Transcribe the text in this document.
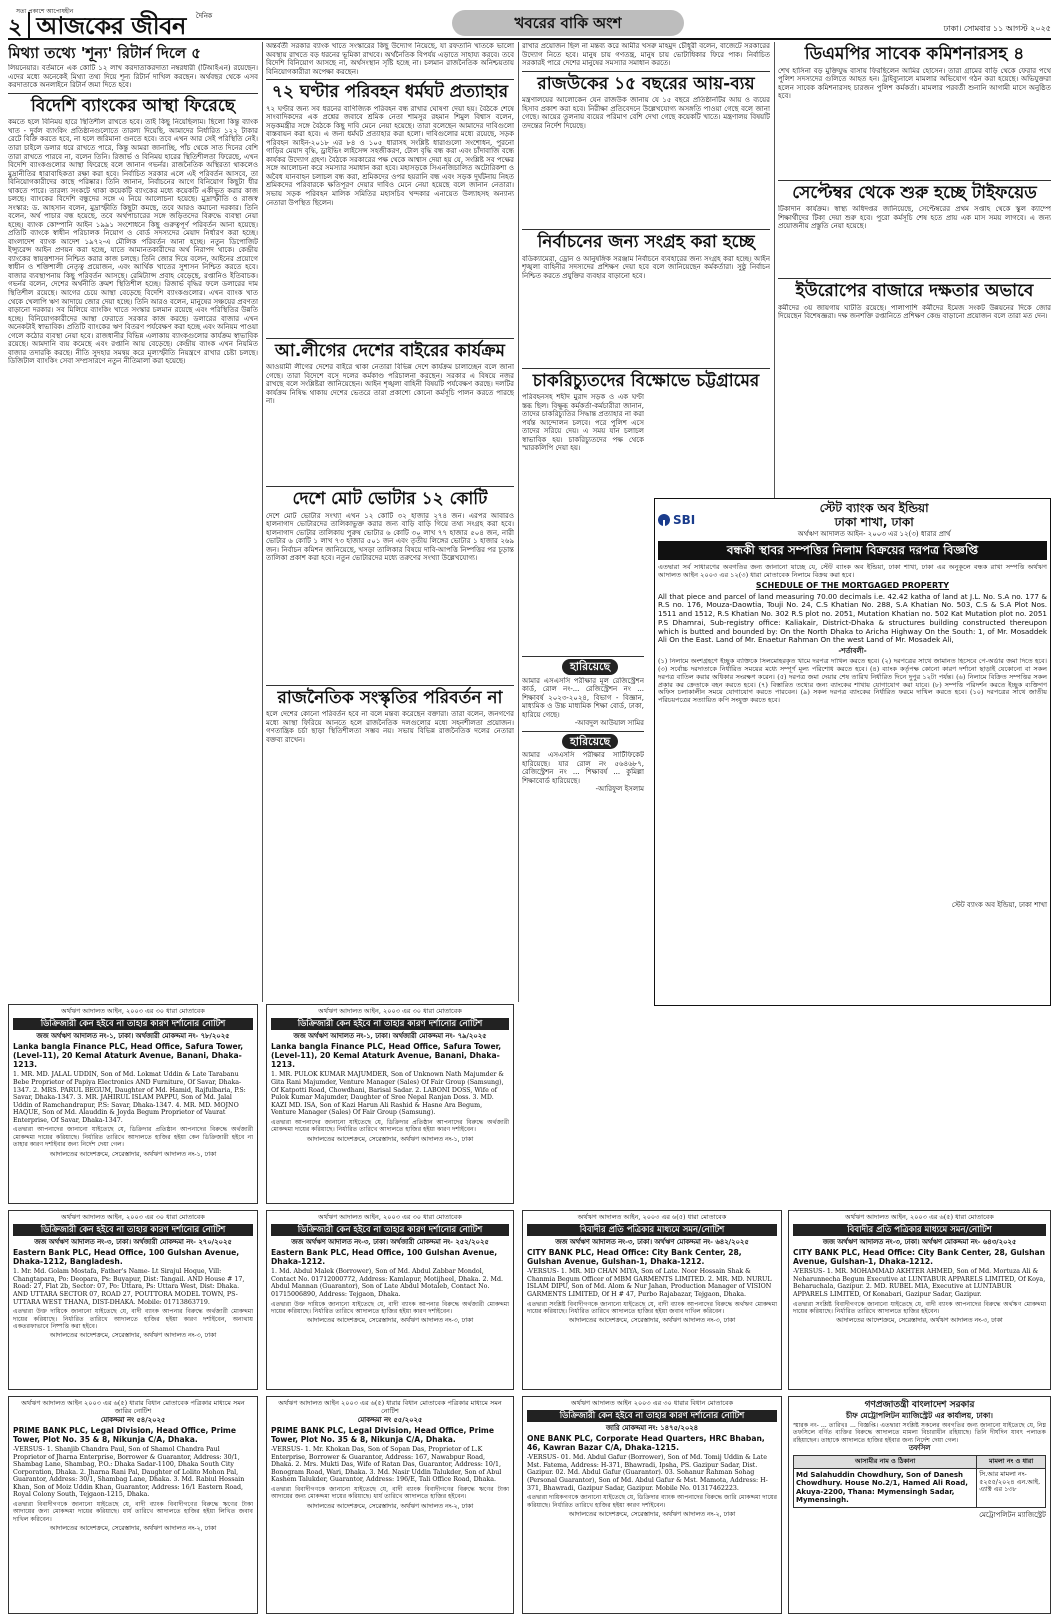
২ আজকের জীবন দৈনিক
সত্য প্রকাশে আপোষহীন
খবরের বাকি অংশ	ঢাকা। সোমবার ১১ আগস্ট ২০২৫
মিথ্যা তথ্যে 'শূন্য' রিটার্ন দিলে ৫
লিয়নেয়ার। বর্তমানে এক কোটি ১২ লাখ করদাতাকরদাতা নম্বরধারী (টিআইএন) রয়েছেন। এদের মধ্যে অনেকেই মিথ্যা তথ্য দিয়ে শূন্য রিটার্ন দাখিল করছেন। অর্থবছর থেকে এসব করদাতাকে অনলাইনে রিটার্ন জমা দিতে হবে।
বিদেশি ব্যাংকের আস্থা ফিরেছে
কমতে হলে বিনিময় হারে স্থিতিশীল রাখতে হবে। তাই কিছু নিয়েছিলাম। ছিলো কিন্তু ব্যাংক খাত - দুর্বল ব্যাংকিং প্রতিষ্ঠানগুলোতে তারল্য দিয়েছি, আমাদের নির্ধারিত ১২২ টাকার রেটে বিক্রি করতে হবে, না হলে জরিমানা গুনতে হবে। তবে এখন আর সেই পরিস্থিতি নেই। তারা চাইলে ডলার ধরে রাখতে পারে, কিন্তু আমরা জানাচ্ছি, পাঁচ থেকে সাত দিনের বেশি তারা রাখতে পারবে না, বলেন তিনি। রিজার্ভ ও বিনিময় হারের স্থিতিশীলতা ফিরেছে, এখন বিদেশি ব্যাংকগুলোর আস্থা ফিরেছে বলে জানান গভর্নর। রাজনৈতিক অস্থিরতা থাকলেও মুদ্রানীতির ধারাবাহিকতা রক্ষা করা হবে। নির্বাচিত সরকার এলে এই পরিবর্তন আসবে, তা বিনিয়োগকারীদের কাছে পরিষ্কার। তিনি জানান, নির্বাচনের আগে বিনিয়োগ কিছুটা ধীর থাকতে পারে। তারল্য সংকটে থাকা কয়েকটি ব্যাংকের মধ্যে কয়েকটি একীভূত করার কাজ চলছে। ব্যাংকের বিদেশি বন্ধুদের সঙ্গে এ নিয়ে আলোচনা হয়েছে। মুদ্রাস্ফীতি ও রাজস্ব সংস্কার: ড. আহসান বলেন, মুদ্রাস্ফীতি কিছুটা কমছে, তবে আরও কমানো দরকার। তিনি বলেন, অর্থ পাচার বন্ধ হয়েছে, তবে অর্থপাচারের সঙ্গে জড়িতদের বিরুদ্ধে ব্যবস্থা নেয়া হচ্ছে। ব্যাংক কোম্পানি আইন ১৯৯১ সংশোধনে কিছু গুরুত্বপূর্ণ পরিবর্তন আনা হয়েছে। প্রতিটি ব্যাংকে স্বাধীন পরিচালক নিয়োগ ও বোর্ড সদস্যদের মেয়াদ নির্ধারণ করা হচ্ছে। বাংলাদেশ ব্যাংক আদেশ ১৯৭২-এ মৌলিক পরিবর্তন আনা হচ্ছে। নতুন ডিপোজিট ইন্স্যুরেন্স আইন প্রণয়ন করা হচ্ছে, যাতে আমানতকারীদের অর্থ নিরাপদ থাকে। কেন্দ্রীয় ব্যাংকের স্বায়ত্তশাসন নিশ্চিত করার কাজ চলছে। তিনি জোর দিয়ে বলেন, আইনের প্রয়োগে স্বাধীন ও শক্তিশালী নেতৃত্ব প্রয়োজন, এবং আর্থিক খাতের সুশাসন নিশ্চিত করতে হবে। বাজার ব্যবস্থাপনায় কিছু পরিবর্তন আসছে। রেমিট্যান্স প্রবাহ বেড়েছে, রপ্তানিও ইতিবাচক। গভর্নর বলেন, দেশের অর্থনীতি ক্রমশ স্থিতিশীল হচ্ছে। রিজার্ভ বৃদ্ধির ফলে ডলারের দাম স্থিতিশীল রয়েছে। আগের চেয়ে আস্থা বেড়েছে বিদেশি ব্যাংকগুলোর। এখন ব্যাংক খাত থেকে খেলাপি ঋণ আদায়ে জোর দেয়া হচ্ছে। তিনি আরও বলেন, মানুষের সঞ্চয়ের প্রবণতা বাড়ানো দরকার। সব মিলিয়ে ব্যাংকিং খাতে সংস্কার চলমান রয়েছে এবং পরিস্থিতির উন্নতি হচ্ছে। বিনিয়োগকারীদের আস্থা ফেরাতে সরকার কাজ করছে। ডলারের বাজার এখন অনেকটাই স্বাভাবিক। প্রতিটি ব্যাংকের ঋণ বিতরণ পর্যবেক্ষণ করা হচ্ছে এবং অনিয়ম পাওয়া গেলে কঠোর ব্যবস্থা নেয়া হবে। রাজধানীর বিভিন্ন এলাকায় ব্যাংকগুলোর কার্যক্রম স্বাভাবিক রয়েছে। আমদানি ব্যয় কমেছে এবং রপ্তানি আয় বেড়েছে। কেন্দ্রীয় ব্যাংক এখন নিয়মিত বাজার তদারকি করছে। নীতি সুদহার সমন্বয় করে মূল্যস্ফীতি নিয়ন্ত্রণে রাখার চেষ্টা চলছে। ডিজিটাল ব্যাংকিং সেবা সম্প্রসারণে নতুন নীতিমালা করা হয়েছে।
অন্তর্বর্তী সরকার ব্যাংক খাতে সংস্কারের কিছু উদ্যোগ নিয়েছে, যা রফতানি খাতকে ভালো অবস্থায় রাখতে বড় ধরনের ভূমিকা রাখবে। অর্থনৈতিক বিপর্যয় এড়াতে সাহায্য করবে। তবে বিদেশি বিনিয়োগ আসছে না, অর্থসংস্থান সৃষ্টি হচ্ছে না। চলমান রাজনৈতিক অনিশ্চয়তায় বিনিয়োগকারীরা অপেক্ষা করছেন।
৭২ ঘণ্টার পরিবহন ধর্মঘট প্রত্যাহার
৭২ ঘণ্টার জন্য সব ধরনের বাণিজ্যিক পরিবহন বন্ধ রাখার ঘোষণা দেয়া হয়। বৈঠকে শেষে সাংবাদিকদের এক প্রশ্নের জবাবে শ্রমিক নেতা শামসুর রহমান শিমুল বিশ্বাস বলেন, সড়কমন্ত্রীর সঙ্গে বৈঠকে কিছু দাবি মেনে নেয়া হয়েছে। তারা বলেছেন আমাদের দাবিগুলো বাস্তবায়ন করা হবে। এ জন্য ধর্মঘট প্রত্যাহার করা হলো। দাবিগুলোর মধ্যে রয়েছে, সড়ক পরিবহন আইন-২০১৮ এর ৮৪ ও ১০৫ ধারাসহ সংশ্লিষ্ট ধারাগুলো সংশোধন, পুরনো গাড়ির মেয়াদ বৃদ্ধি, ড্রাইভিং লাইসেন্স সহজীকরণ, টোল বৃদ্ধি বন্ধ করা এবং চাঁদাবাজি বন্ধে কার্যকর উদ্যোগ গ্রহণ। বৈঠকে সরকারের পক্ষ থেকে আশ্বাস দেয়া হয় যে, সংশ্লিষ্ট সব পক্ষের সঙ্গে আলোচনা করে সমস্যার সমাধান করা হবে। মহাসড়কে সিএনজিচালিত অটোরিকশা ও অবৈধ যানবাহন চলাচল বন্ধ করা, শ্রমিকদের ওপর হয়রানি বন্ধ এবং সড়ক দুর্ঘটনায় নিহত শ্রমিকদের পরিবারকে ক্ষতিপূরণ দেয়ার দাবিও মেনে নেয়া হয়েছে বলে জানান নেতারা। সভায় সড়ক পরিবহন মালিক সমিতির মহাসচিব খন্দকার এনায়েত উল্যাহসহ অন্যান্য নেতারা উপস্থিত ছিলেন।
আ.লীগের দেশের বাইরের কার্যক্রম
আওয়ামী লীগের দেশের বাইরে থাকা নেতারা বিভিন্ন দেশে কার্যক্রম চালাচ্ছেন বলে জানা গেছে। তারা বিদেশে বসে দলের কর্মকাণ্ড পরিচালনা করছেন। সরকার এ বিষয়ে নজর রাখছে বলে সংশ্লিষ্টরা জানিয়েছেন। আইন শৃঙ্খলা বাহিনী বিষয়টি পর্যবেক্ষণ করছে। দলটির কার্যক্রম নিষিদ্ধ থাকায় দেশের ভেতরে তারা প্রকাশ্যে কোনো কর্মসূচি পালন করতে পারছে না।
দেশে মোট ভোটার ১২ কোটি
দেশে মোট ভোটার সংখ্যা এখন ১২ কোটি ৩২ হাজার ২৭৪ জন। এরপর আবারও হালনাগাদ ভোটারদের তালিকাভুক্ত করার জন্য বাড়ি বাড়ি গিয়ে তথ্য সংগ্রহ করা হবে। হালনাগাদ ভোটার তালিকায় পুরুষ ভোটার ৬ কোটি ৩০ লাখ ৭৭ হাজার ৫০৪ জন, নারী ভোটার ৬ কোটি ১ লাখ ৭৩ হাজার ৫০১ জন এবং তৃতীয় লিঙ্গের ভোটার ১ হাজার ২৬৯ জন। নির্বাচন কমিশন জানিয়েছে, খসড়া তালিকার বিষয়ে দাবি-আপত্তি নিষ্পত্তির পর চূড়ান্ত তালিকা প্রকাশ করা হবে। নতুন ভোটারদের মধ্যে তরুণের সংখ্যা উল্লেখযোগ্য।
রাজনৈতিক সংস্কৃতির পরিবর্তন না
হলে দেশের কোনো পরিবর্তন হবে না বলে মন্তব্য করেছেন বক্তারা। তারা বলেন, জনগণের মধ্যে আস্থা ফিরিয়ে আনতে হলে রাজনৈতিক দলগুলোর মধ্যে সহনশীলতা প্রয়োজন। গণতান্ত্রিক চর্চা ছাড়া স্থিতিশীলতা সম্ভব নয়। সভায় বিভিন্ন রাজনৈতিক দলের নেতারা বক্তব্য রাখেন।
রাখার প্রয়োজন ছিল না মন্তব্য করে আমীর খসরু মাহমুদ চৌধুরী বলেন, বাজেটে সরকারের উদ্যোগ নিতে হবে। মানুষ চায় গণতন্ত্র, মানুষ চায় ভোটাধিকার ফিরে পাক। নির্বাচিত সরকারই পারে দেশের মানুষের সমস্যার সমাধান করতে।
রাজউকের ১৫ বছরের আয়-ব্যয়
মন্ত্রণালয়ের আলোকেন যেন রাজউক জানায় যে ১৫ বছরে প্রতিষ্ঠানটির আয় ও ব্যয়ের হিসাব প্রকাশ করা হবে। নিরীক্ষা প্রতিবেদনে উল্লেখযোগ্য অসঙ্গতি পাওয়া গেছে বলে জানা গেছে। আয়ের তুলনায় ব্যয়ের পরিমাণ বেশি দেখা গেছে কয়েকটি খাতে। মন্ত্রণালয় বিষয়টি তদন্তের নির্দেশ দিয়েছে।
নির্বাচনের জন্য সংগ্রহ করা হচ্ছে
বডিক্যামেরা, ড্রোন ও আনুষঙ্গিক সরঞ্জাম নির্বাচনে ব্যবহারের জন্য সংগ্রহ করা হচ্ছে। আইন শৃঙ্খলা বাহিনীর সদস্যদের প্রশিক্ষণ দেয়া হবে বলে জানিয়েছেন কর্মকর্তারা। সুষ্ঠু নির্বাচন নিশ্চিত করতে প্রযুক্তির ব্যবহার বাড়ানো হবে।
চাকরিচ্যুতদের বিক্ষোভে চট্টগ্রামের
পরিবহনসহ শহীদ মুরাদ সড়ক ও এক ঘণ্টা স্তব্ধ ছিল। বিক্ষুব্ধ কর্মকর্তা-কর্মচারীরা জানান, তাদের চাকরিচ্যুতির সিদ্ধান্ত প্রত্যাহার না করা পর্যন্ত আন্দোলন চলবে। পরে পুলিশ এসে তাদের সরিয়ে দেয়। এ সময় যান চলাচল স্বাভাবিক হয়। চাকরিচ্যুতদের পক্ষ থেকে স্মারকলিপি দেয়া হয়।
হারিয়েছে
আমার এসএসসি পরীক্ষার মূল রেজিস্ট্রেশন কার্ড, রোল নং-... রেজিস্ট্রেশন নং ... শিক্ষাবর্ষ ২০২৩-২০২৪, বিভাগ - বিজ্ঞান, মাধ্যমিক ও উচ্চ মাধ্যমিক শিক্ষা বোর্ড, ঢাকা, হারিয়ে গেছে।
-আবদুল আউয়াল সামির
হারিয়েছে
আমার এসএসসি পরীক্ষার সার্টিফিকেট হারিয়েছে। যার রোল নং ৫৬৪৬৮৭, রেজিস্ট্রেশন নং ... শিক্ষাবর্ষ ... কুমিল্লা শিক্ষাবোর্ড হারিয়েছে।
-আরিফুল ইসলাম
ডিএমপির সাবেক কমিশনারসহ ৪
শেখ হাসিনা বড় মুক্তিযুদ্ধ বাসায় ফিরছিলেন আমির হোসেন। তারা গ্রামের বাড়ি থেকে ফেরার পথে পুলিশ সদস্যদের গুলিতে আহত হন। ট্রাইব্যুনালে মামলার অভিযোগ গঠন করা হয়েছে। অভিযুক্তরা হলেন সাবেক কমিশনারসহ চারজন পুলিশ কর্মকর্তা। মামলার পরবর্তী শুনানি আগামী মাসে অনুষ্ঠিত হবে।
সেপ্টেম্বর থেকে শুরু হচ্ছে টাইফয়েড
টিকাদান কার্যক্রম। স্বাস্থ্য অধিদপ্তর জানিয়েছে, সেপ্টেম্বরের প্রথম সপ্তাহ থেকে স্কুল ক্যাম্পে শিক্ষার্থীদের টিকা দেয়া শুরু হবে। পুরো কর্মসূচি শেষ হতে প্রায় এক মাস সময় লাগবে। এ জন্য প্রয়োজনীয় প্রস্তুতি নেয়া হয়েছে।
ইউরোপের বাজারে দক্ষতার অভাবে
কর্মীদের ৩য় জায়গায় ঘাটতি রয়েছে। পালাপাশি কর্মীদের ইমেজ সংকট উন্নয়নের দিকে জোর দিয়েছেন বিশেষজ্ঞরা। দক্ষ জনশক্তি রপ্তানিতে প্রশিক্ষণ কেন্দ্র বাড়ানো প্রয়োজন বলে তারা মত দেন।
SBI
স্টেট ব্যাংক অব ইন্ডিয়া
ঢাকা শাখা, ঢাকা
অর্থঋণ আদালত আইন- ২০০৩ এর ১২(৩) ধারার প্রার্থ
বন্ধকী স্থাবর সম্পত্তির নিলাম বিক্রয়ের দরপত্র বিজ্ঞপ্তি
এতদ্বারা সর্ব সাধারণের অবগতির জন্য জানানো যাচ্ছে যে, স্টেট ব্যাংক অব ইন্ডিয়া, ঢাকা শাখা, ঢাকা এর অনুকূলে বন্ধক রাখা সম্পত্তি অর্থঋণ আদালত আইন ২০০৩ এর ১২(৩) ধারা মোতাবেক নিলামে বিক্রয় করা হবে।
SCHEDULE OF THE MORTGAGED PROPERTY
All that piece and parcel of land measuring 70.00 decimals i.e. 42.42 katha of land at J.L. No. S.A no. 177 & R.S no. 176, Mouza-Daowtia, Touji No. 24, C.S Khatian No. 288, S.A Khatian No. 503, C.S & S.A Plot Nos. 1511 and 1512, R.S Khatian No. 302 R.S plot no. 2051, Mutation Khatian no. 502 Kat Mutation plot no. 2051 P.S Dhamrai, Sub-registry office: Kaliakair, District-Dhaka & structures building constructed thereupon which is butted and bounded by: On the North Dhaka to Aricha Highway On the South: 1, of Mr. Mosaddek Ali On the East. Land of Mr. Enaetur Rahman On the west Land of Mr. Mosadek Ali,
-শর্তাবলী-
(১) নিলামে অংশগ্রহণে ইচ্ছুক ব্যক্তিকে সিলমোহরকৃত খামে দরপত্র দাখিল করতে হবে। (২) দরপত্রের সাথে জামানত হিসেবে পে-অর্ডার জমা দিতে হবে। (৩) সর্বোচ্চ দরদাতাকে নির্ধারিত সময়ের মধ্যে সম্পূর্ণ মূল্য পরিশোধ করতে হবে। (৪) ব্যাংক কর্তৃপক্ষ কোনো কারণ দর্শানো ছাড়াই যেকোনো বা সকল দরপত্র বাতিল করার অধিকার সংরক্ষণ করেন। (৫) দরপত্র জমা দেয়ার শেষ তারিখ নির্ধারিত দিনে দুপুর ১২টা পর্যন্ত। (৬) নিলামে বিক্রিত সম্পত্তির সকল প্রকার কর ক্রেতাকে বহন করতে হবে। (৭) বিস্তারিত তথ্যের জন্য ব্যাংকের শাখায় যোগাযোগ করা যাবে। (৮) সম্পত্তি পরিদর্শন করতে ইচ্ছুক ব্যক্তিগণ অফিস চলাকালীন সময়ে যোগাযোগ করতে পারবেন। (৯) সকল দরপত্র ব্যাংকের নির্ধারিত ফরমে দাখিল করতে হবে। (১০) দরপত্রের সাথে জাতীয় পরিচয়পত্রের সত্যায়িত কপি সংযুক্ত করতে হবে।
স্টেট ব্যাংক অব ইন্ডিয়া, ঢাকা শাখা
অর্থঋণ আদালত আইন, ২০০৩ এর ৩০ ধারা মোতাবেক
ডিক্রিজারী কেন হইবে না তাহার কারণ দর্শানোর নোটিশ
জজ অর্থঋণ আদালত নং-১, ঢাকা। অর্থজারী মোকদ্দমা নং- ৭৮/২০২৫
Lanka bangla Finance PLC, Head Office, Safura Tower, (Level-11), 20 Kemal Ataturk Avenue, Banani, Dhaka-1213.
1. MR. MD. JALAL UDDIN, Son of Md. Lokmat Uddin & Late Tarabanu Bebe Proprietor of Papiya Electronics AND Furniture, Of Savar, Dhaka-1347. 2. MRS. PARUL BEGUM, Daughter of Md. Hamid, Rajfulbaria, P.S: Savar, Dhaka-1347. 3. MR. JAHIRUL ISLAM PAPPU, Son of Md. Jalal Uddin of Ramchandrapur, P.S: Savar, Dhaka-1347. 4. MR. MD. MOJNO HAQUE, Son of Md. Alauddin & Joyda Begum Proprietor of Vaurat Enterprise, Of Savar, Dhaka-1347.
এতদ্বারা আপনাদের জানানো যাইতেছে যে, ডিক্রিদার প্রতিষ্ঠান আপনাদের বিরুদ্ধে অর্থজারী মোকদ্দমা দায়ের করিয়াছে। নির্ধারিত তারিখে আদালতে হাজির হইয়া কেন ডিক্রিজারী হইবে না তাহার কারণ দর্শাইবার জন্য নির্দেশ দেয়া গেল।
আদালতের আদেশক্রমে, সেরেস্তাদার, অর্থঋণ আদালত নং-১, ঢাকা
অর্থঋণ আদালত আইন, ২০০৩ এর ৩০ ধারা মোতাবেক
ডিক্রিজারী কেন হইবে না তাহার কারণ দর্শানোর নোটিশ
জজ অর্থঋণ আদালত নং-১, ঢাকা। অর্থজারী মোকদ্দমা নং- ৭৯/২০২৫
Lanka bangla Finance PLC, Head Office, Safura Tower, (Level-11), 20 Kemal Ataturk Avenue, Banani, Dhaka-1213.
1. MR. PULOK KUMAR MAJUMDER, Son of Unknown Nath Majumder & Gita Rani Majumder, Venture Manager (Sales) Of Fair Group (Samsung), Of Katpotti Road, Chowdhani, Barisal Sadar. 2. LABONI DOSS, Wife of Pulok Kumar Majumder, Daughter of Sree Nepal Ranjan Doss. 3. MD. KAZI MD. ISA, Son of Kazi Harun Ali Rashid & Hasne Ara Begum, Venture Manager (Sales) Of Fair Group (Samsung).
এতদ্বারা আপনাদের জানানো যাইতেছে যে, ডিক্রিদার প্রতিষ্ঠান আপনাদের বিরুদ্ধে অর্থজারী মোকদ্দমা দায়ের করিয়াছে। নির্ধারিত তারিখে আদালতে হাজির হইয়া কারণ দর্শাইবেন।
আদালতের আদেশক্রমে, সেরেস্তাদার, অর্থঋণ আদালত নং-১, ঢাকা
অর্থঋণ আদালত আইন, ২০০৩ এর ৩০ ধারা মোতাবেক
ডিক্রিজারী কেন হইবে না তাহার কারণ দর্শানোর নোটিশ
জজ অর্থঋণ আদালত নং-৩, ঢাকা। অর্থজারী মোকদ্দমা নং- ২৭০/২০২৫
Eastern Bank PLC, Head Office, 100 Gulshan Avenue, Dhaka-1212, Bangladesh.
1. Mr. Md. Golam Mostafa, Father's Name- Lt Sirajul Hoque, Vill: Changtapara, Po: Deopara, Ps: Buyapur, Dist: Tangail. AND House # 17, Road: 27, Flat 2b, Sector: 07, Po: Uttara, Ps: Uttara West, Dist: Dhaka. AND UTTARA SECTOR 07, ROAD 27, POUTTORA MODEL TOWN, PS- UTTARA WEST THANA, DIST-DHAKA. Mobile: 01713863719.
এতদ্বারা উক্ত দায়িকে জানানো যাইতেছে যে, বাদী ব্যাংক আপনার বিরুদ্ধে অর্থজারী মোকদ্দমা দায়ের করিয়াছে। নির্ধারিত তারিখে আদালতে হাজির হইয়া কারণ দর্শাইবেন, অন্যথায় একতরফাভাবে নিষ্পত্তি করা হইবে।
আদালতের আদেশক্রমে, সেরেস্তাদার, অর্থঋণ আদালত নং-৩, ঢাকা
অর্থঋণ আদালত আইন, ২০০৩ এর ৩০ ধারা মোতাবেক
ডিক্রিজারী কেন হইবে না তাহার কারণ দর্শানোর নোটিশ
জজ অর্থঋণ আদালত নং-৩, ঢাকা। অর্থজারী মোকদ্দমা নং- ২৫২/২০২৫
Eastern Bank PLC, Head Office, 100 Gulshan Avenue, Dhaka-1212.
1. Md. Abdul Malek (Borrower), Son of Md. Abdul Zabbar Mondol, Contact No. 01712000772, Address: Kamlapur, Motijheel, Dhaka. 2. Md. Abdul Mannan (Guarantor), Son of Late Abdul Motaleb, Contact No. 01715006890, Address: Tejgaon, Dhaka.
এতদ্বারা উক্ত দায়িকে জানানো যাইতেছে যে, বাদী ব্যাংক আপনার বিরুদ্ধে অর্থজারী মোকদ্দমা দায়ের করিয়াছে। নির্ধারিত তারিখে আদালতে হাজির হইয়া কারণ দর্শাইবেন।
আদালতের আদেশক্রমে, সেরেস্তাদার, অর্থঋণ আদালত নং-৩, ঢাকা
অর্থঋণ আদালত আইন, ২০০৩ এর ৬(৫) ধারা মোতাবেক
বিবাদীর প্রতি পত্রিকার মাধ্যমে সমন/নোটিশ
জজ অর্থঋণ আদালত নং-৩, ঢাকা। অর্থঋণ মোকদ্দমা নং- ৬৪২/২০২৫
CITY BANK PLC, Head Office: City Bank Center, 28, Gulshan Avenue, Gulshan-1, Dhaka-1212.
-VERSUS- 1. MR. MD CHAN MIYA, Son of Late. Noor Hossain Shak & Chanmia Begum Officer of MBM GARMENTS LIMITED. 2. MR. MD. NURUL ISLAM DIPU, Son of Md. Alom & Nur Jahan, Production Manager of VISION GARMENTS LIMITED, Of H # 47, Purbo Rajabazar, Tejgaon, Dhaka.
এতদ্বারা সংশ্লিষ্ট বিবাদীগণকে জানানো যাইতেছে যে, বাদী ব্যাংক আপনাদের বিরুদ্ধে অর্থঋণ মোকদ্দমা দায়ের করিয়াছে। নির্ধারিত তারিখে আদালতে হাজির হইয়া জবাব দাখিল করিবেন।
আদালতের আদেশক্রমে, সেরেস্তাদার, অর্থঋণ আদালত নং-৩, ঢাকা
অর্থঋণ আদালত আইন, ২০০৩ এর ৬(৫) ধারা মোতাবেক
বিবাদীর প্রতি পত্রিকার মাধ্যমে সমন/নোটিশ
জজ অর্থঋণ আদালত নং-৩, ঢাকা। অর্থঋণ মোকদ্দমা নং- ৬৪৩/২০২৫
CITY BANK PLC, Head Office: City Bank Center, 28, Gulshan Avenue, Gulshan-1, Dhaka-1212.
-VERSUS- 1. MR. MOHAMMAD AKHTER AHMED, Son of Md. Mortuza Ali & Neharunnecha Begum Executive at LUNTABUR APPARELS LIMITED, Of Koya, Beharuchala, Gazipur. 2. MD. RUBEL MIA, Executive at LUNTABUR APPARELS LIMITED, Of Konabari, Gazipur Sadar, Gazipur.
এতদ্বারা সংশ্লিষ্ট বিবাদীগণকে জানানো যাইতেছে যে, বাদী ব্যাংক আপনাদের বিরুদ্ধে অর্থঋণ মোকদ্দমা দায়ের করিয়াছে। নির্ধারিত তারিখে আদালতে হাজির হইবেন।
আদালতের আদেশক্রমে, সেরেস্তাদার, অর্থঋণ আদালত নং-৩, ঢাকা
অর্থঋণ আদালত আইন ২০০৩ এর ৬(৫) ধারার বিধান মোতাবেক পত্রিকার মাধ্যমে সমন জারির নোটিশ
মোকদ্দমা নং ৫৪/২০২৫
PRIME BANK PLC, Legal Division, Head Office, Prime Tower, Plot No. 35 & 8, Nikunja C/A, Dhaka.
-VERSUS- 1. Shanjib Chandra Paul, Son of Shamol Chandra Paul Proprietor of Jharna Enterprise, Borrower & Guarantor, Address: 30/1, Shambag Lane, Shambag, P.O.: Dhaka Sadar-1100, Dhaka South City Corporation, Dhaka. 2. Jharna Rani Pal, Daughter of Lolito Mohon Pal, Guarantor, Address: 30/1, Shambag Lane, Dhaka. 3. Md. Rabiul Hossain Khan, Son of Moiz Uddin Khan, Guarantor, Address: 16/1 Eastern Road, Royal Colony South, Tejgaon-1215, Dhaka.
এতদ্বারা বিবাদীগণকে জানানো যাইতেছে যে, বাদী ব্যাংক বিবাদীগণের বিরুদ্ধে ঋণের টাকা আদায়ের জন্য মোকদ্দমা দায়ের করিয়াছে। ধার্য তারিখে আদালতে হাজির হইয়া লিখিত জবাব দাখিল করিবেন।
আদালতের আদেশক্রমে, সেরেস্তাদার, অর্থঋণ আদালত নং-২, ঢাকা
অর্থঋণ আদালত আইন ২০০৩ এর ৬(৫) ধারার বিধান মোতাবেক পত্রিকার মাধ্যমে সমন নোটিশ
মোকদ্দমা নং ৫৫/২০২৫
PRIME BANK PLC, Legal Division, Head Office, Prime Tower, Plot No. 35 & 8, Nikunja C/A, Dhaka.
-VERSUS- 1. Mr. Khokan Das, Son of Sopan Das, Proprietor of L.K Enterprise, Borrower & Guarantor, Address: 167, Nawabpur Road, Dhaka. 2. Mrs. Mukti Das, Wife of Ratan Das, Guarantor, Address: 10/1, Bonogram Road, Wari, Dhaka. 3. Md. Nasir Uddin Talukder, Son of Abul Kashem Talukder, Guarantor, Address: 196/E, Tali Office Road, Dhaka.
এতদ্বারা বিবাদীগণকে জানানো যাইতেছে যে, বাদী ব্যাংক বিবাদীগণের বিরুদ্ধে ঋণের টাকা আদায়ের জন্য মোকদ্দমা দায়ের করিয়াছে। ধার্য তারিখে আদালতে হাজির হইবেন।
আদালতের আদেশক্রমে, সেরেস্তাদার, অর্থঋণ আদালত নং-২, ঢাকা
অর্থঋণ আদালত আইন ২০০৩ এর ৩০ ধারার বিধান মোতাবেক
ডিক্রিজারী কেন হইবে না তাহার কারণ দর্শানোর নোটিশ
জারি মোকদ্দমা নং: ১৪৭৫/২০২৪
ONE BANK PLC, Corporate Head Quarters, HRC Bhaban, 46, Kawran Bazar C/A, Dhaka-1215.
-VERSUS- 01. Md. Abdul Gafur (Borrower), Son of Md. Tomij Uddin & Late Mst. Fatema, Address: H-371, Bhawradi, Ipsha, PS. Gazipur Sadar, Dist. Gazipur. 02. Md. Abdul Gafur (Guarantor). 03. Sohanur Rahman Sohag (Personal Guarantor), Son of Md. Abdul Gafur & Mst. Mamota, Address: H-371, Bhawradi, Gazipur Sadar, Gazipur. Mobile No. 01317462223.
এতদ্বারা দায়িকগণকে জানানো যাইতেছে যে, ডিক্রিদার ব্যাংক আপনাদের বিরুদ্ধে জারি মোকদ্দমা দায়ের করিয়াছে। নির্ধারিত তারিখে হাজির হইয়া কারণ দর্শাইবেন।
আদালতের আদেশক্রমে, সেরেস্তাদার, অর্থঋণ আদালত নং-২, ঢাকা
গণপ্রজাতন্ত্রী বাংলাদেশ সরকার
চীফ মেট্রোপলিটন ম্যাজিস্ট্রেট এর কার্যালয়, ঢাকা।
স্মারক নং- ... তারিখঃ ... বিজ্ঞপ্তি। এতদ্বারা সংশ্লিষ্ট সকলের অবগতির জন্য জানানো যাইতেছে যে, নিম্ন তফসিলে বর্ণিত ব্যক্তির বিরুদ্ধে আদালতে মামলা বিচারাধীন রহিয়াছে। তিনি দীর্ঘদিন যাবৎ পলাতক রহিয়াছেন। তাহাকে আদালতে হাজির হইবার জন্য নির্দেশ দেয়া গেল।
তফসিল
আসামীর নাম ও ঠিকানা	মামলা নং ও ধারা
Md Salahuddin Chowdhury, Son of Danesh Chowdhury. House No.2/1, Hamed Ali Road, Akuya-2200, Thana: Mymensingh Sadar, Mymensingh.	সি.আর মামলা নং- ৫২৫৫/২০২৪ এন.আই. এ্যাক্ট এর ১৩৮
মেট্রোপলিটন ম্যাজিস্ট্রেট
